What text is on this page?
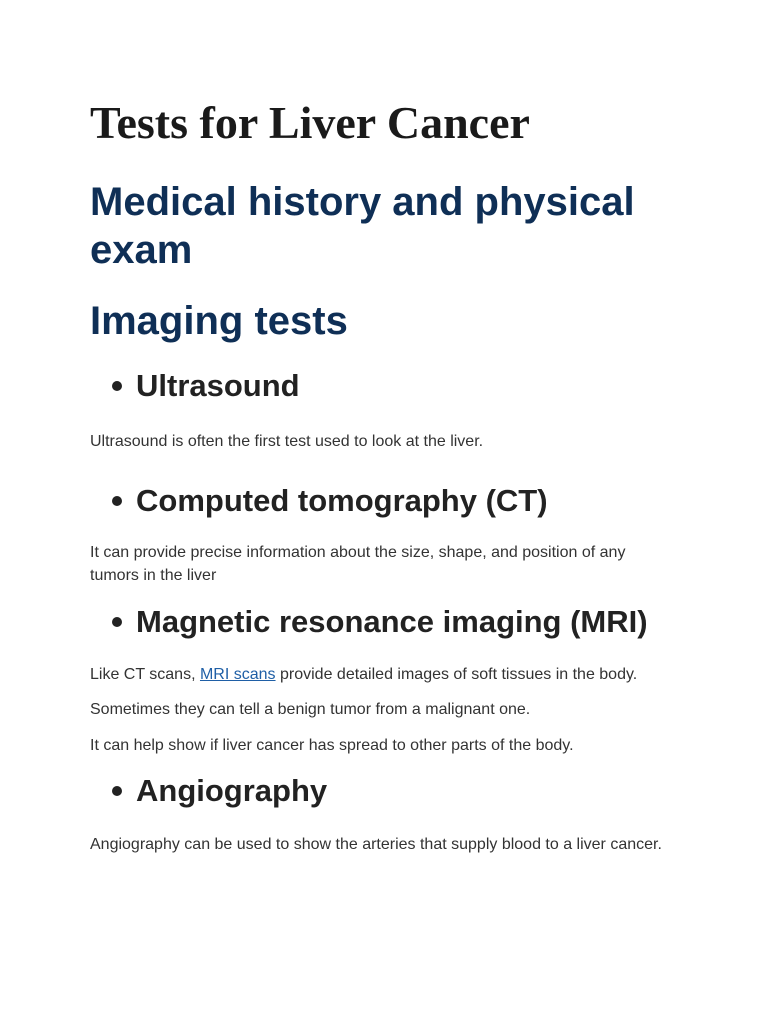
Tests for Liver Cancer
Medical history and physical exam
Imaging tests
Ultrasound

Ultrasound is often the first test used to look at the liver.

Computed tomography (CT)

It can provide precise information about the size, shape, and position of any tumors in the liver

Magnetic resonance imaging (MRI)

Like CT scans, MRI scans provide detailed images of soft tissues in the body.

Sometimes they can tell a benign tumor from a malignant one.

It can help show if liver cancer has spread to other parts of the body.

Angiography

Angiography can be used to show the arteries that supply blood to a liver cancer.
